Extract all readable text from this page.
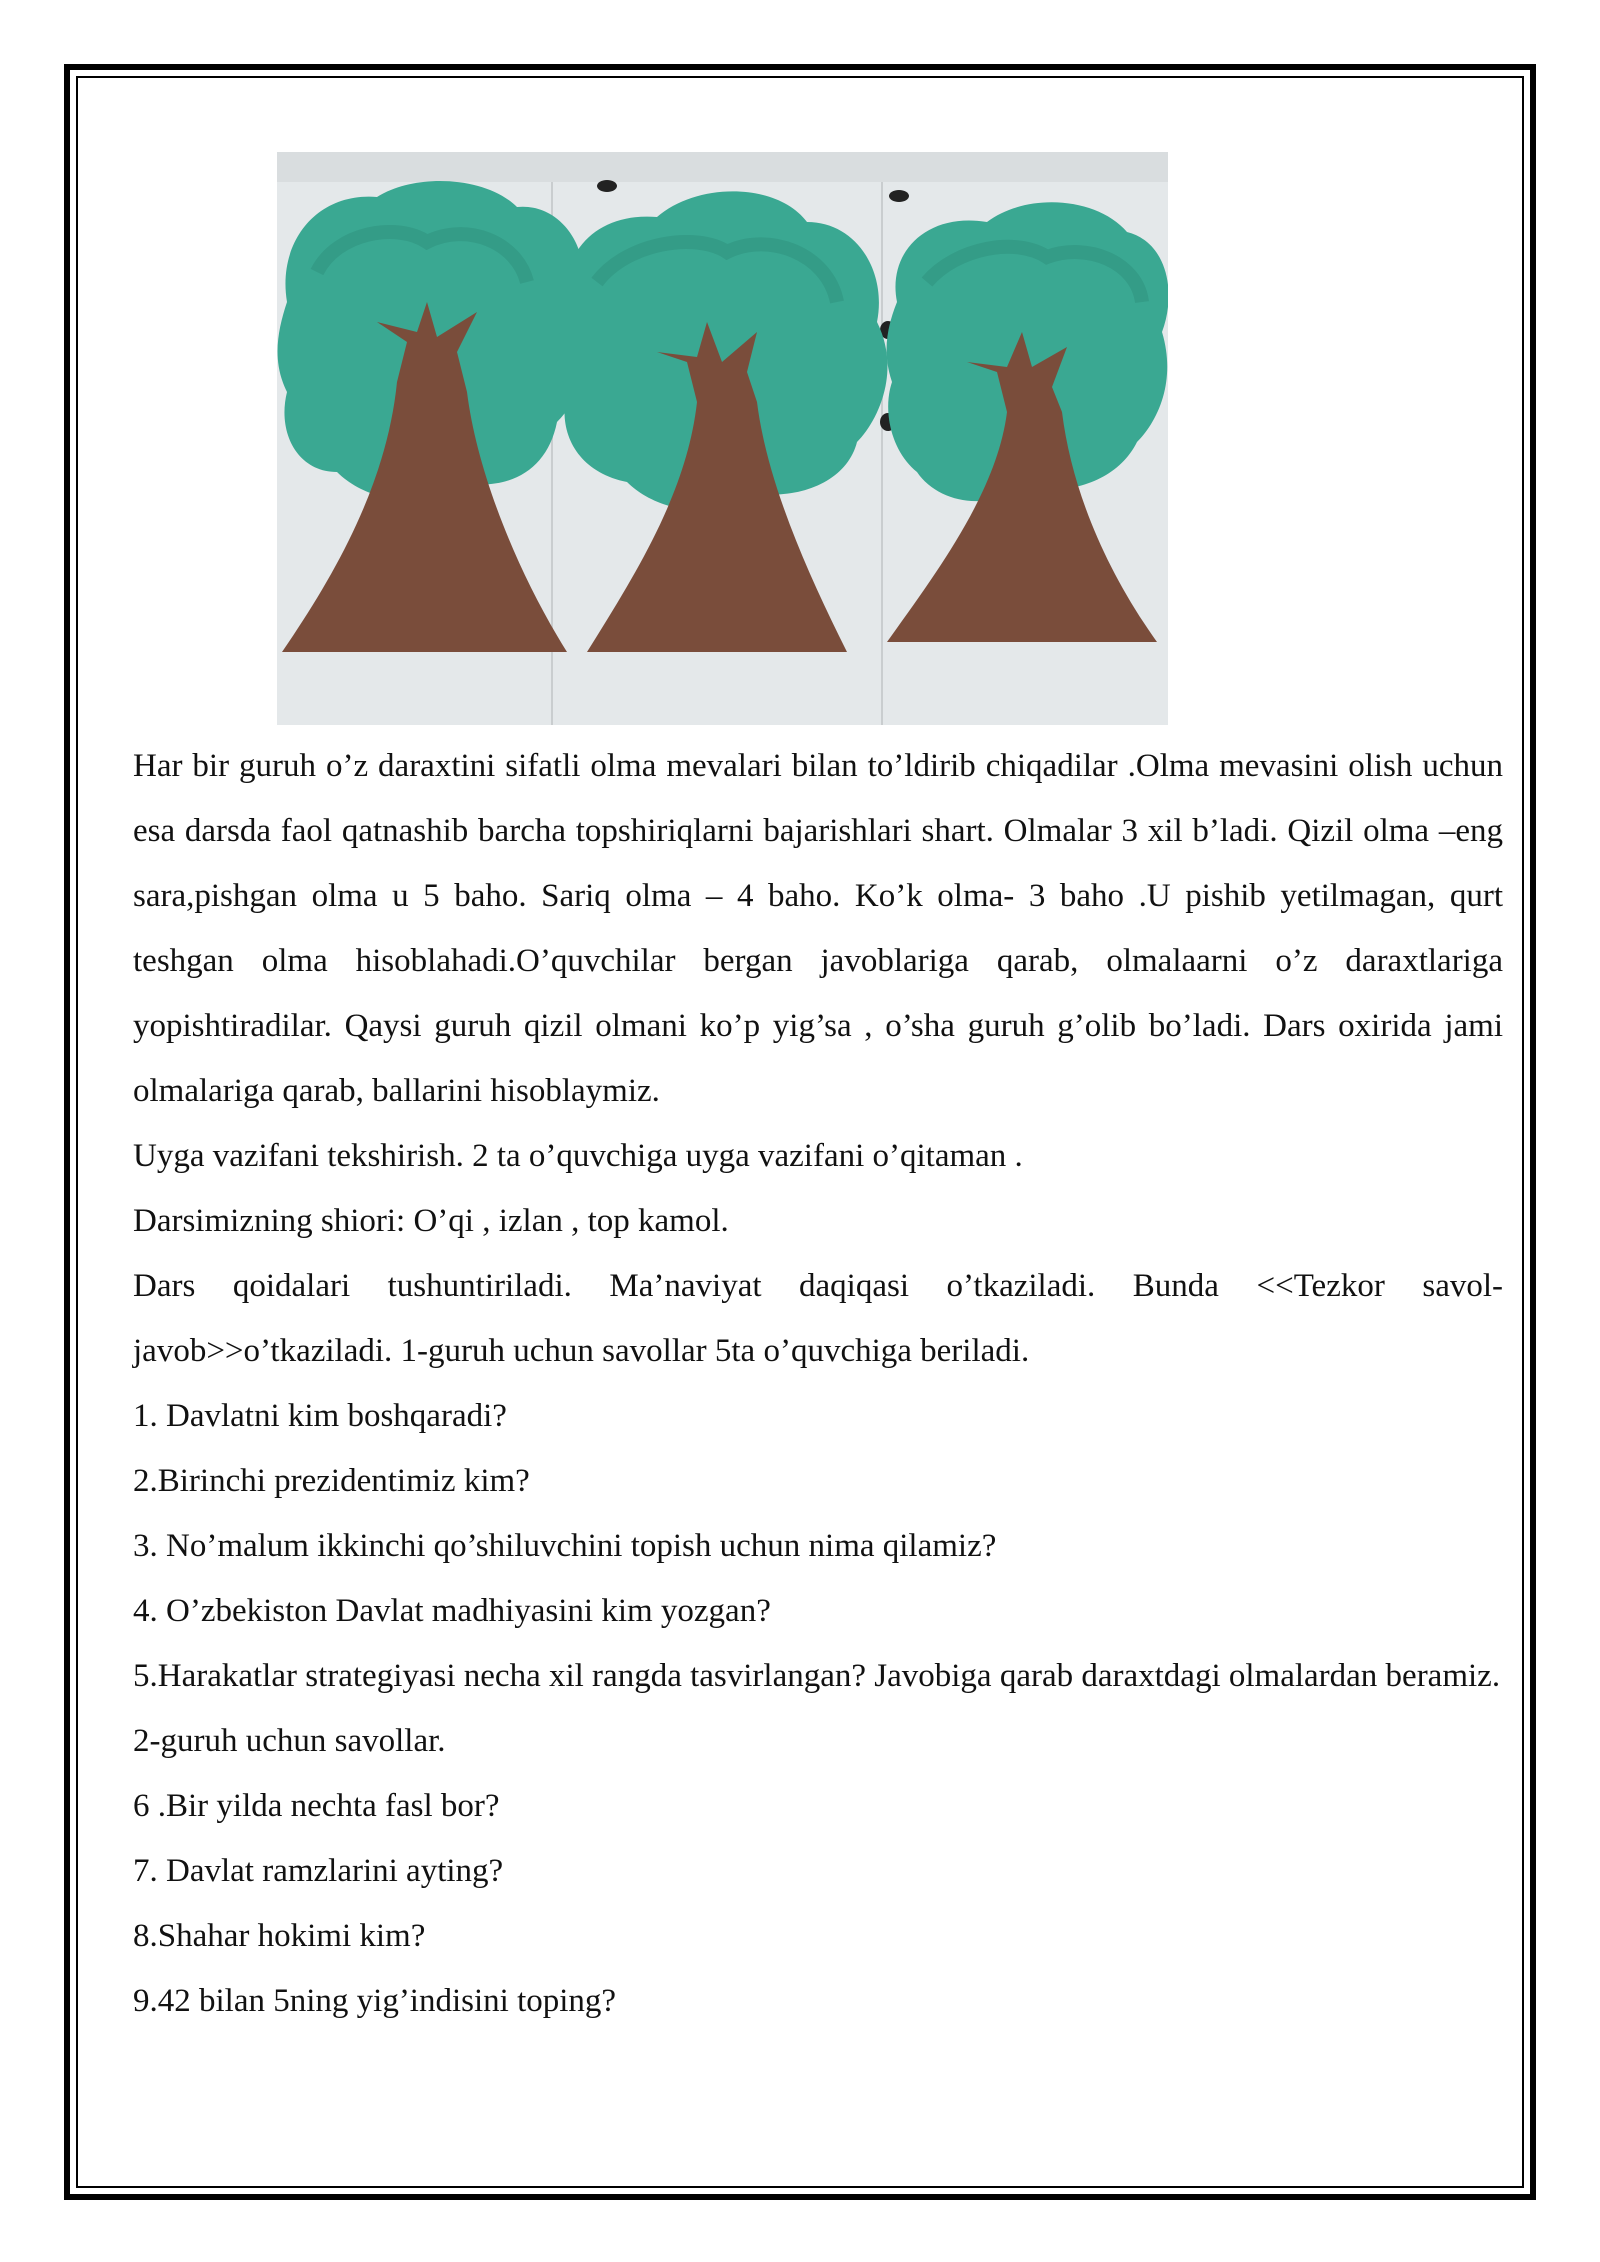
Har bir guruh o’z daraxtini sifatli olma mevalari bilan to’ldirib chiqadilar .Olma mevasini olish uchun esa darsda faol qatnashib barcha topshiriqlarni bajarishlari shart. Olmalar 3 xil b’ladi. Qizil olma –eng sara,pishgan olma u 5 baho. Sariq olma – 4 baho. Ko’k olma- 3 baho .U pishib yetilmagan, qurt teshgan olma hisoblahadi.O’quvchilar bergan javoblariga qarab, olmalaarni o’z daraxtlariga yopishtiradilar. Qaysi guruh qizil olmani ko’p yig’sa , o’sha guruh g’olib bo’ladi. Dars oxirida jami olmalariga qarab, ballarini hisoblaymiz.

Uyga vazifani tekshirish. 2 ta o’quvchiga uyga vazifani o’qitaman .

Darsimizning shiori: O’qi , izlan , top kamol.

Dars qoidalari tushuntiriladi. Ma’naviyat daqiqasi o’tkaziladi. Bunda <<Tezkor savol-javob>>o’tkaziladi. 1-guruh uchun savollar 5ta o’quvchiga beriladi.

1. Davlatni kim boshqaradi?

2.Birinchi prezidentimiz kim?

3. No’malum ikkinchi qo’shiluvchini topish uchun nima qilamiz?

4. O’zbekiston Davlat madhiyasini kim yozgan?

5.Harakatlar strategiyasi necha xil rangda tasvirlangan? Javobiga qarab daraxtdagi olmalardan beramiz.

2-guruh uchun savollar.

6 .Bir yilda nechta fasl bor?

7. Davlat ramzlarini ayting?

8.Shahar hokimi kim?

9.42 bilan 5ning yig’indisini toping?
